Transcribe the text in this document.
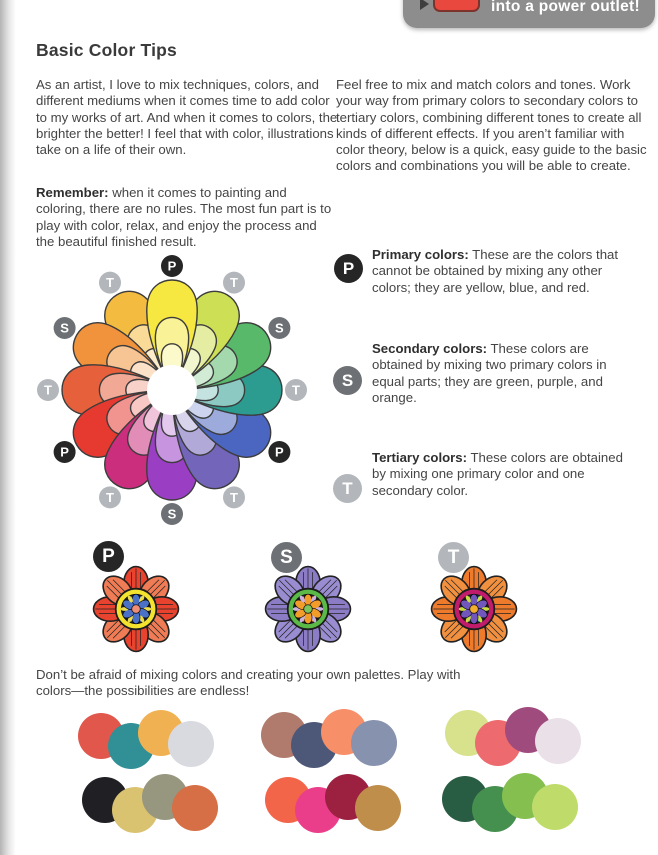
into a power outlet!
Basic Color Tips
As an artist, I love to mix techniques, colors, and different mediums when it comes time to add color to my works of art. And when it comes to colors, the brighter the better! I feel that with color, illustrations take on a life of their own.
Remember: when it comes to painting and coloring, there are no rules. The most fun part is to play with color, relax, and enjoy the process and the beautiful finished result.
Feel free to mix and match colors and tones. Work your way from primary colors to secondary colors to tertiary colors, combining different tones to create all kinds of different effects. If you aren’t familiar with color theory, below is a quick, easy guide to the basic colors and combinations you will be able to create.
P
Primary colors: These are the colors that cannot be obtained by mixing any other colors; they are yellow, blue, and red.
S
Secondary colors: These colors are obtained by mixing two primary colors in equal parts; they are green, purple, and orange.
T
Tertiary colors: These colors are obtained by mixing one primary color and one secondary color.
P
T
S
T
P
T
S
T
P
T
S
T
P	S	T
Don’t be afraid of mixing colors and creating your own palettes. Play with colors—the possibilities are endless!
